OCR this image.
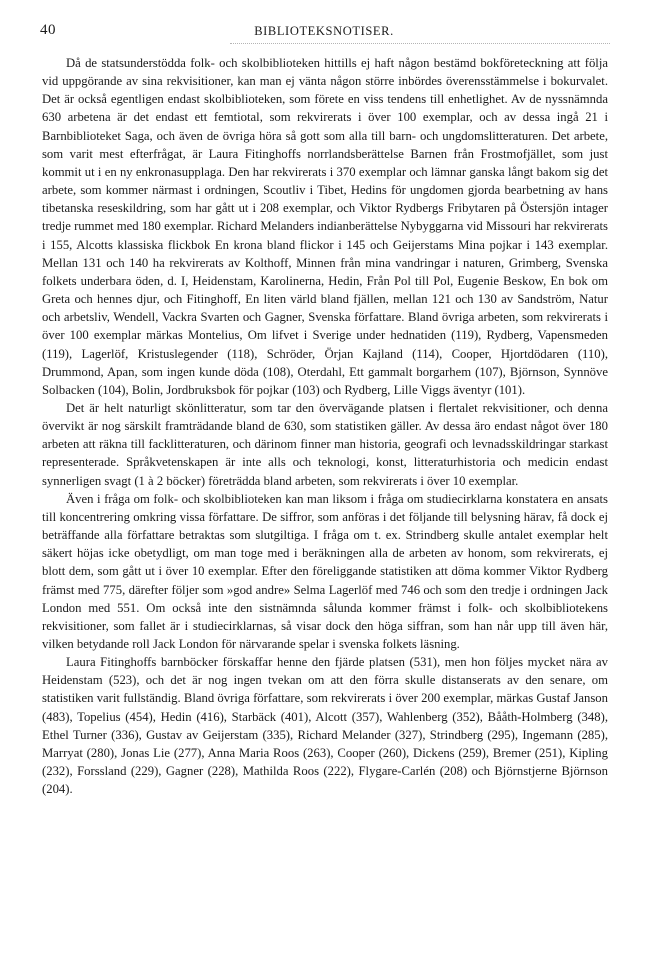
40	BIBLIOTEKSNOTISER.

Då de statsunderstödda folk- och skolbiblioteken hittills ej haft någon bestämd bokföreteckning att följa vid uppgörande av sina rekvisitioner, kan man ej vänta någon större inbördes överensstämmelse i bokurvalet. Det är också egentligen endast skolbiblioteken, som förete en viss tendens till enhetlighet. Av de nyssnämnda 630 arbetena är det endast ett femtiotal, som rekvirerats i över 100 exemplar, och av dessa ingå 21 i Barnbiblioteket Saga, och även de övriga höra så gott som alla till barn- och ungdomslitteraturen. Det arbete, som varit mest efterfrågat, är Laura Fitinghoffs norrlandsberättelse Barnen från Frostmofjället, som just kommit ut i en ny enkronasupplaga. Den har rekvirerats i 370 exemplar och lämnar ganska långt bakom sig det arbete, som kommer närmast i ordningen, Scoutliv i Tibet, Hedins för ungdomen gjorda bearbetning av hans tibetanska reseskildring, som har gått ut i 208 exemplar, och Viktor Rydbergs Fribytaren på Östersjön intager tredje rummet med 180 exemplar. Richard Melanders indianberättelse Nybyggarna vid Missouri har rekvirerats i 155, Alcotts klassiska flickbok En krona bland flickor i 145 och Geijerstams Mina pojkar i 143 exemplar. Mellan 131 och 140 ha rekvirerats av Kolthoff, Minnen från mina vandringar i naturen, Grimberg, Svenska folkets underbara öden, d. I, Heidenstam, Karolinerna, Hedin, Från Pol till Pol, Eugenie Beskow, En bok om Greta och hennes djur, och Fitinghoff, En liten värld bland fjällen, mellan 121 och 130 av Sandström, Natur och arbetsliv, Wendell, Vackra Svarten och Gagner, Svenska författare. Bland övriga arbeten, som rekvirerats i över 100 exemplar märkas Montelius, Om lifvet i Sverige under hednatiden (119), Rydberg, Vapensmeden (119), Lagerlöf, Kristuslegender (118), Schröder, Örjan Kajland (114), Cooper, Hjortdödaren (110), Drummond, Apan, som ingen kunde döda (108), Oterdahl, Ett gammalt borgarhem (107), Björnson, Synnöve Solbacken (104), Bolin, Jordbruksbok för pojkar (103) och Rydberg, Lille Viggs äventyr (101).

Det är helt naturligt skönlitteratur, som tar den övervägande platsen i flertalet rekvisitioner, och denna övervikt är nog särskilt framträdande bland de 630, som statistiken gäller. Av dessa äro endast något över 180 arbeten att räkna till facklitteraturen, och därinom finner man historia, geografi och levnadsskildringar starkast representerade. Språkvetenskapen är inte alls och teknologi, konst, litteraturhistoria och medicin endast synnerligen svagt (1 à 2 böcker) företrädda bland arbeten, som rekvirerats i över 10 exemplar.

Även i fråga om folk- och skolbiblioteken kan man liksom i fråga om studiecirklarna konstatera en ansats till koncentrering omkring vissa författare. De siffror, som anföras i det följande till belysning härav, få dock ej beträffande alla författare betraktas som slutgiltiga. I fråga om t. ex. Strindberg skulle antalet exemplar helt säkert höjas icke obetydligt, om man toge med i beräkningen alla de arbeten av honom, som rekvirerats, ej blott dem, som gått ut i över 10 exemplar. Efter den föreliggande statistiken att döma kommer Viktor Rydberg främst med 775, därefter följer som »god andre» Selma Lagerlöf med 746 och som den tredje i ordningen Jack London med 551. Om också inte den sistnämnda sålunda kommer främst i folk- och skolbibliotekens rekvisitioner, som fallet är i studiecirklarnas, så visar dock den höga siffran, som han når upp till även här, vilken betydande roll Jack London för närvarande spelar i svenska folkets läsning.

Laura Fitinghoffs barnböcker förskaffar henne den fjärde platsen (531), men hon följes mycket nära av Heidenstam (523), och det är nog ingen tvekan om att den förra skulle distanserats av den senare, om statistiken varit fullständig. Bland övriga författare, som rekvirerats i över 200 exemplar, märkas Gustaf Janson (483), Topelius (454), Hedin (416), Starbäck (401), Alcott (357), Wahlenberg (352), Bååth-Holmberg (348), Ethel Turner (336), Gustav av Geijerstam (335), Richard Melander (327), Strindberg (295), Ingemann (285), Marryat (280), Jonas Lie (277), Anna Maria Roos (263), Cooper (260), Dickens (259), Bremer (251), Kipling (232), Forssland (229), Gagner (228), Mathilda Roos (222), Flygare-Carlén (208) och Björnstjerne Björnson (204).
